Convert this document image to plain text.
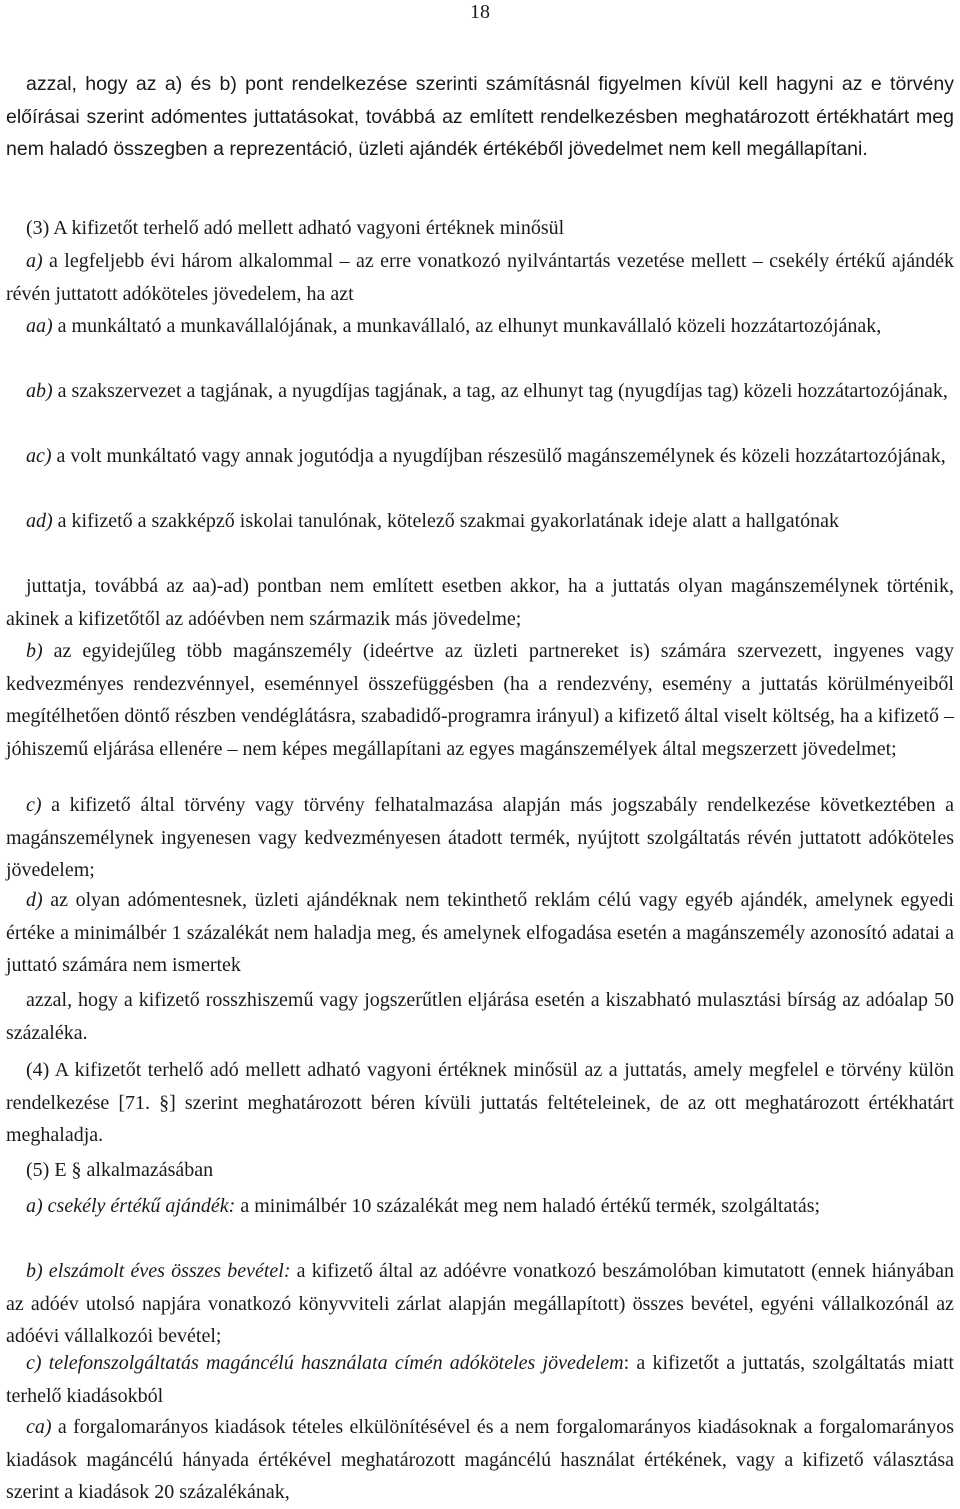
18

azzal, hogy az a) és b) pont rendelkezése szerinti számításnál figyelmen kívül kell hagyni az e törvény előírásai szerint adómentes juttatásokat, továbbá az említett rendelkezésben meghatározott értékhatárt meg nem haladó összegben a reprezentáció, üzleti ajándék értékéből jövedelmet nem kell megállapítani.

(3) A kifizetőt terhelő adó mellett adható vagyoni értéknek minősül

a) a legfeljebb évi három alkalommal – az erre vonatkozó nyilvántartás vezetése mellett – csekély értékű ajándék révén juttatott adóköteles jövedelem, ha azt

aa) a munkáltató a munkavállalójának, a munkavállaló, az elhunyt munkavállaló közeli hozzátartozójának,

ab) a szakszervezet a tagjának, a nyugdíjas tagjának, a tag, az elhunyt tag (nyugdíjas tag) közeli hozzátartozójának,

ac) a volt munkáltató vagy annak jogutódja a nyugdíjban részesülő magánszemélynek és közeli hozzátartozójának,

ad) a kifizető a szakképző iskolai tanulónak, kötelező szakmai gyakorlatának ideje alatt a hallgatónak

juttatja, továbbá az aa)-ad) pontban nem említett esetben akkor, ha a juttatás olyan magánszemélynek történik, akinek a kifizetőtől az adóévben nem származik más jövedelme;

b) az egyidejűleg több magánszemély (ideértve az üzleti partnereket is) számára szervezett, ingyenes vagy kedvezményes rendezvénnyel, eseménnyel összefüggésben (ha a rendezvény, esemény a juttatás körülményeiből megítélhetően döntő részben vendéglátásra, szabadidő-programra irányul) a kifizető által viselt költség, ha a kifizető – jóhiszemű eljárása ellenére – nem képes megállapítani az egyes magánszemélyek által megszerzett jövedelmet;

c) a kifizető által törvény vagy törvény felhatalmazása alapján más jogszabály rendelkezése következtében a magánszemélynek ingyenesen vagy kedvezményesen átadott termék, nyújtott szolgáltatás révén juttatott adóköteles jövedelem;

d) az olyan adómentesnek, üzleti ajándéknak nem tekinthető reklám célú vagy egyéb ajándék, amelynek egyedi értéke a minimálbér 1 százalékát nem haladja meg, és amelynek elfogadása esetén a magánszemély azonosító adatai a juttató számára nem ismertek

azzal, hogy a kifizető rosszhiszemű vagy jogszerűtlen eljárása esetén a kiszabható mulasztási bírság az adóalap 50 százaléka.

(4) A kifizetőt terhelő adó mellett adható vagyoni értéknek minősül az a juttatás, amely megfelel e törvény külön rendelkezése [71. §] szerint meghatározott béren kívüli juttatás feltételeinek, de az ott meghatározott értékhatárt meghaladja.

(5) E § alkalmazásában

a) csekély értékű ajándék: a minimálbér 10 százalékát meg nem haladó értékű termék, szolgáltatás;

b) elszámolt éves összes bevétel: a kifizető által az adóévre vonatkozó beszámolóban kimutatott (ennek hiányában az adóév utolsó napjára vonatkozó könyvviteli zárlat alapján megállapított) összes bevétel, egyéni vállalkozónál az adóévi vállalkozói bevétel;

c) telefonszolgáltatás magáncélú használata címén adóköteles jövedelem: a kifizetőt a juttatás, szolgáltatás miatt terhelő kiadásokból

ca) a forgalomarányos kiadások tételes elkülönítésével és a nem forgalomarányos kiadásoknak a forgalomarányos kiadások magáncélú hányada értékével meghatározott magáncélú használat értékének, vagy a kifizető választása szerint a kiadások 20 százalékának,
